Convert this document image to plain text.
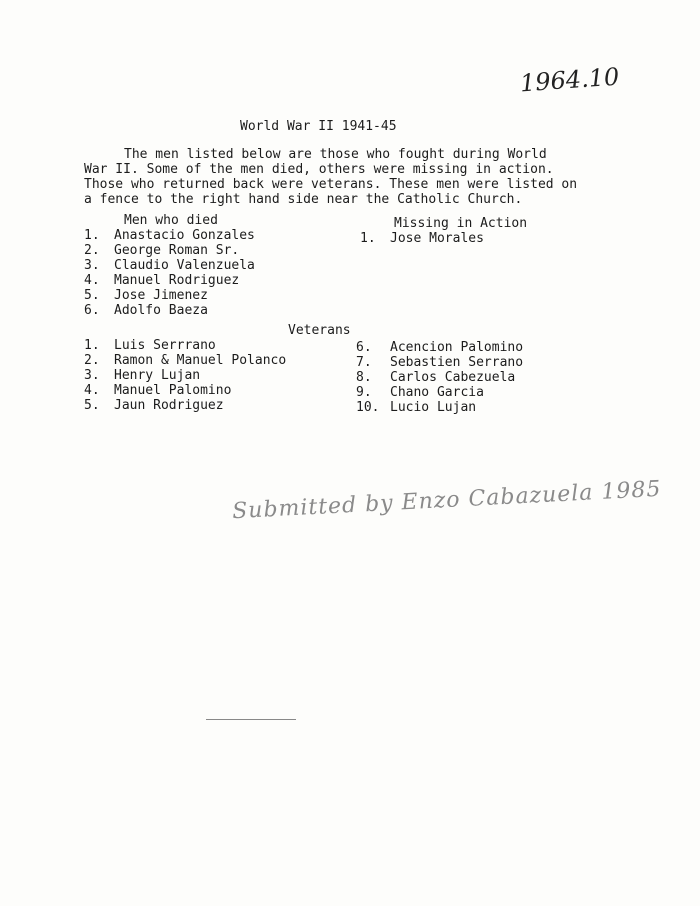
1964.10
World War II 1941-45
The men listed below are those who fought during World
War II. Some of the men died, others were missing in action.
Those who returned back were veterans. These men were listed on
a fence to the right hand side near the Catholic Church.
Men who died
1.	Anastacio Gonzales
2.	George Roman Sr.
3.	Claudio Valenzuela
4.	Manuel Rodriguez
5.	Jose Jimenez
6.	Adolfo Baeza
Missing in Action
1.	Jose Morales
Veterans
1.	Luis Serrrano
2.	Ramon & Manuel Polanco
3.	Henry Lujan
4.	Manuel Palomino
5.	Jaun Rodriguez
6.	Acencion Palomino
7.	Sebastien Serrano
8.	Carlos Cabezuela
9.	Chano Garcia
10. Lucio Lujan
Submitted by Enzo Cabazuela 1985
